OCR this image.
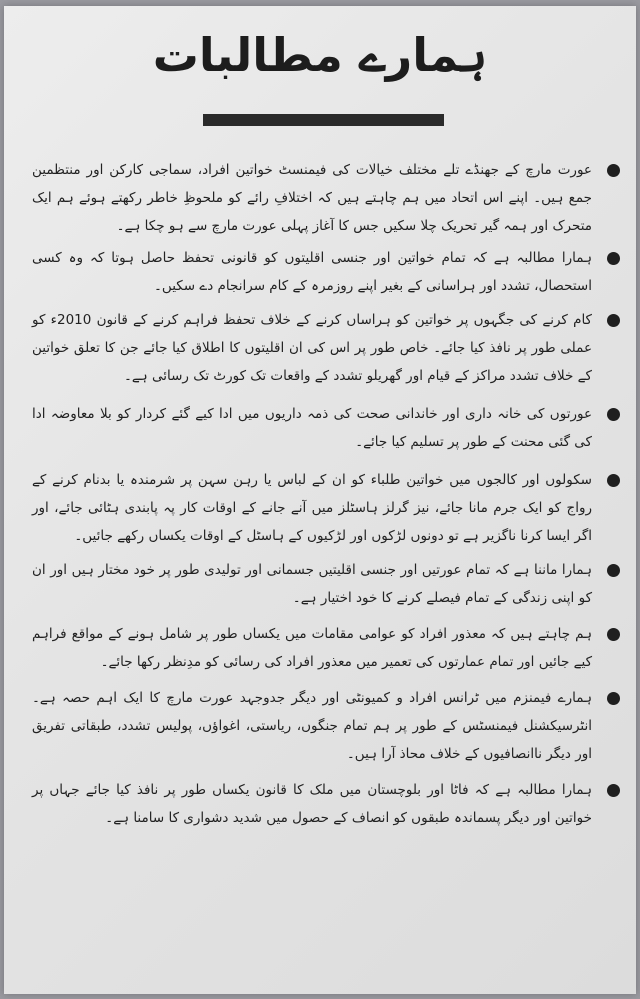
ہمارے مطالبات
عورت مارچ کے جھنڈے تلے مختلف خیالات کی فیمنسٹ خواتین افراد، سماجی کارکن اور منتظمین جمع ہیں۔ اپنے اس اتحاد میں ہم چاہتے ہیں کہ اختلافِ رائے کو ملحوظِ خاطر رکھتے ہوئے ہم ایک متحرک اور ہمہ گیر تحریک چلا سکیں جس کا آغاز پہلی عورت مارچ سے ہو چکا ہے۔
ہمارا مطالبہ ہے کہ تمام خواتین اور جنسی اقلیتوں کو قانونی تحفظ حاصل ہوتا کہ وہ کسی استحصال، تشدد اور ہراسانی کے بغیر اپنے روزمرہ کے کام سرانجام دے سکیں۔
کام کرنے کی جگہوں پر خواتین کو ہراساں کرنے کے خلاف تحفظ فراہم کرنے کے قانون 2010ء کو عملی طور پر نافذ کیا جائے۔ خاص طور پر اس کی ان اقلیتوں کا اطلاق کیا جائے جن کا تعلق خواتین کے خلاف تشدد مراکز کے قیام اور گھریلو تشدد کے واقعات تک کورٹ تک رسائی ہے۔
عورتوں کی خانہ داری اور خاندانی صحت کی ذمہ داریوں میں ادا کیے گئے کردار کو بلا معاوضہ ادا کی گئی محنت کے طور پر تسلیم کیا جائے۔
سکولوں اور کالجوں میں خواتین طلباء کو ان کے لباس یا رہن سہن پر شرمندہ یا بدنام کرنے کے رواج کو ایک جرم مانا جائے، نیز گرلز ہاسٹلز میں آنے جانے کے اوقات کار پہ پابندی ہٹائی جائے، اور اگر ایسا کرنا ناگزیر ہے تو دونوں لڑکوں اور لڑکیوں کے ہاسٹل کے اوقات یکساں رکھے جائیں۔
ہمارا ماننا ہے کہ تمام عورتیں اور جنسی اقلیتیں جسمانی اور تولیدی طور پر خود مختار ہیں اور ان کو اپنی زندگی کے تمام فیصلے کرنے کا خود اختیار ہے۔
ہم چاہتے ہیں کہ معذور افراد کو عوامی مقامات میں یکساں طور پر شامل ہونے کے مواقع فراہم کیے جائیں اور تمام عمارتوں کی تعمیر میں معذور افراد کی رسائی کو مدِنظر رکھا جائے۔
ہمارے فیمنزم میں ٹرانس افراد و کمیونٹی اور دیگر جدوجہد عورت مارچ کا ایک اہم حصہ ہے۔ انٹرسیکشنل فیمنسٹس کے طور پر ہم تمام جنگوں، ریاستی، اغواؤں، پولیس تشدد، طبقاتی تفریق اور دیگر ناانصافیوں کے خلاف محاذ آرا ہیں۔
ہمارا مطالبہ ہے کہ فاٹا اور بلوچستان میں ملک کا قانون یکساں طور پر نافذ کیا جائے جہاں پر خواتین اور دیگر پسماندہ طبقوں کو انصاف کے حصول میں شدید دشواری کا سامنا ہے۔
